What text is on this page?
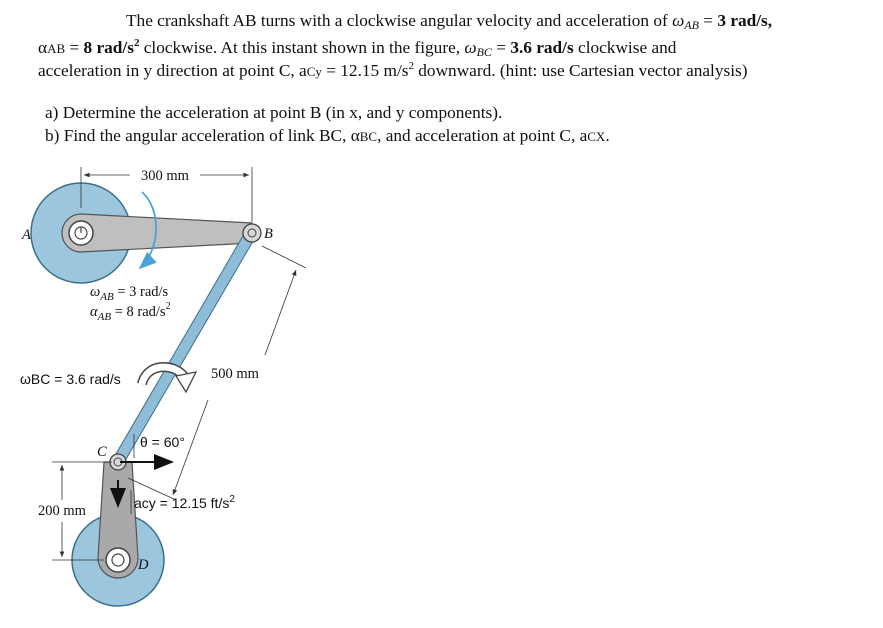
The crankshaft AB turns with a clockwise angular velocity and acceleration of $\omega_{AB} = 3$ rad/s,
αAB = 8 rad/$s^2$ clockwise. At this instant shown in the figure, $\omega_{BC} = 3.6$ rad/s clockwise and
acceleration in y direction at point C, aCy = 12.15 $m/s^2$ downward. (hint: use Cartesian vector analysis)
a) Determine the acceleration at point B (in x, and y components).
b) Find the angular acceleration of link BC, αBC, and acceleration at point C, aCX.
300 mm
500 mm
200 mm
A	B
C
D
$\omega_{AB} = 3$ rad/s
$\alpha_{AB} = 8$ rad/$s^2$
ωBC = 3.6 rad/s
θ = 60°
acy = 12.15 $ft/s^2$
